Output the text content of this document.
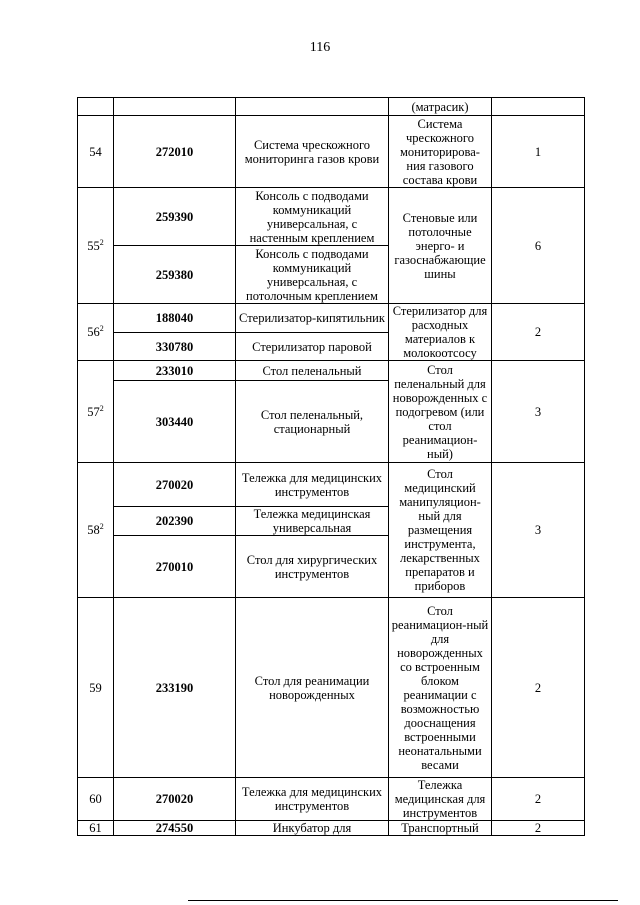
116
			(матрасик)	
54	272010	Система чрескожного мониторинга газов крови	Система чрескожного мониторирова-ния газового состава крови	1
$55^2$	259390	Консоль с подводами коммуникаций универсальная, с настенным креплением	Стеновые или потолочные энерго- и газоснабжающие шины	6
	259380	Консоль с подводами коммуникаций универсальная, с потолочным креплением		
$56^2$	188040	Стерилизатор-кипятильник	Стерилизатор для расходных материалов к молокоотсосу	2
	330780	Стерилизатор паровой		
$57^2$	233010	Стол пеленальный	Стол пеленальный для новорожденных с подогревом (или стол реанимацион-ный)	3
	303440	Стол пеленальный, стационарный		
$58^2$	270020	Тележка для медицинских инструментов	Стол медицинский манипуляцион-ный для размещения инструмента, лекарственных препаратов и приборов	3
	202390	Тележка медицинская универсальная		
	270010	Стол для хирургических инструментов		
59	233190	Стол для реанимации новорожденных	Стол реанимацион-ный для новорожденных со встроенным блоком реанимации с возможностью дооснащения встроенными неонатальными весами	2
60	270020	Тележка для медицинских инструментов	Тележка медицинская для инструментов	2
61	274550	Инкубатор для	Транспортный	2
